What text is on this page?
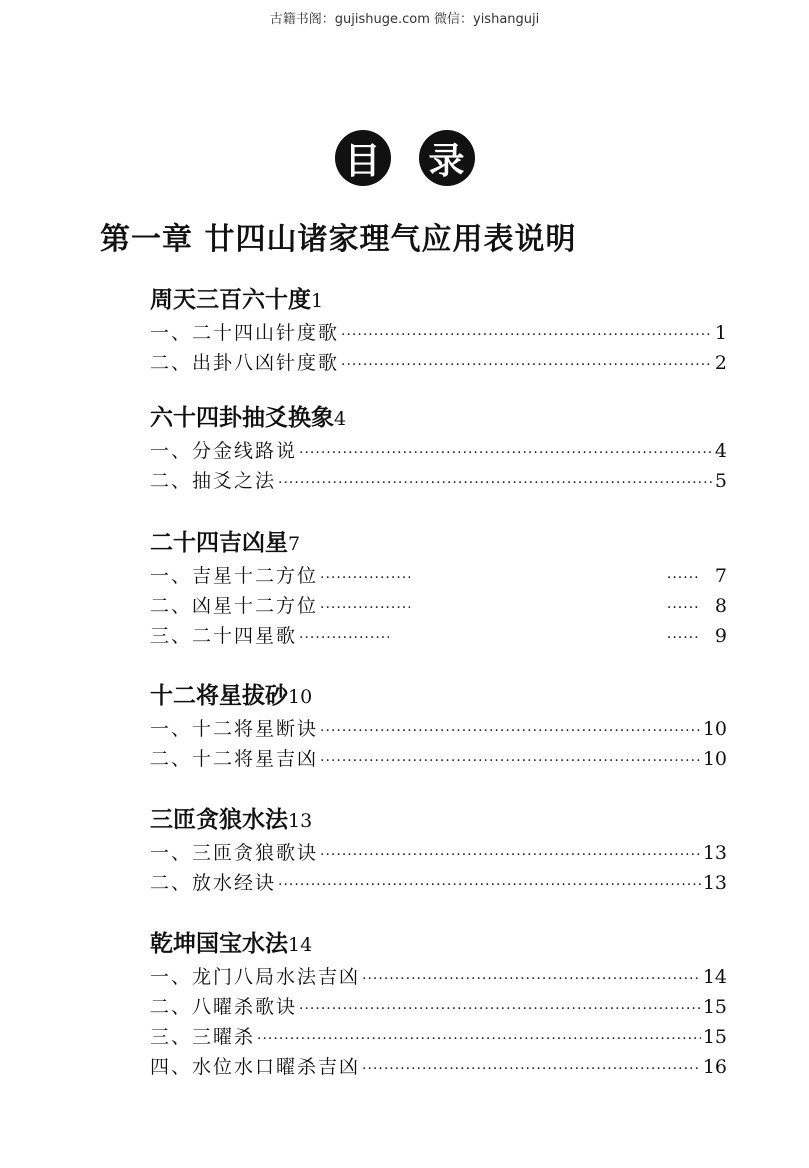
古籍书阁：gujishuge.com 微信：yishanguji
目 录
第一章 廿四山诸家理气应用表说明
周天三百六十度1
一、二十四山针度歌 ·····	1
二、出卦八凶针度歌 ·····	2
六十四卦抽爻换象4
一、分金线路说 ·····	4
二、抽爻之法 ·····	5
二十四吉凶星7
一、吉星十二方位 ····· ······	7
二、凶星十二方位 ····· ······	8
三、二十四星歌 ····· ······	9
十二将星拔砂10
一、十二将星断诀 ·····	10
二、十二将星吉凶 ·····	10
三匝贪狼水法13
一、三匝贪狼歌诀 ·····	13
二、放水经诀 ·····	13
乾坤国宝水法14
一、龙门八局水法吉凶 ·····	14
二、八曜杀歌诀 ·····	15
三、三曜杀 ·····	15
四、水位水口曜杀吉凶 ·····	16
